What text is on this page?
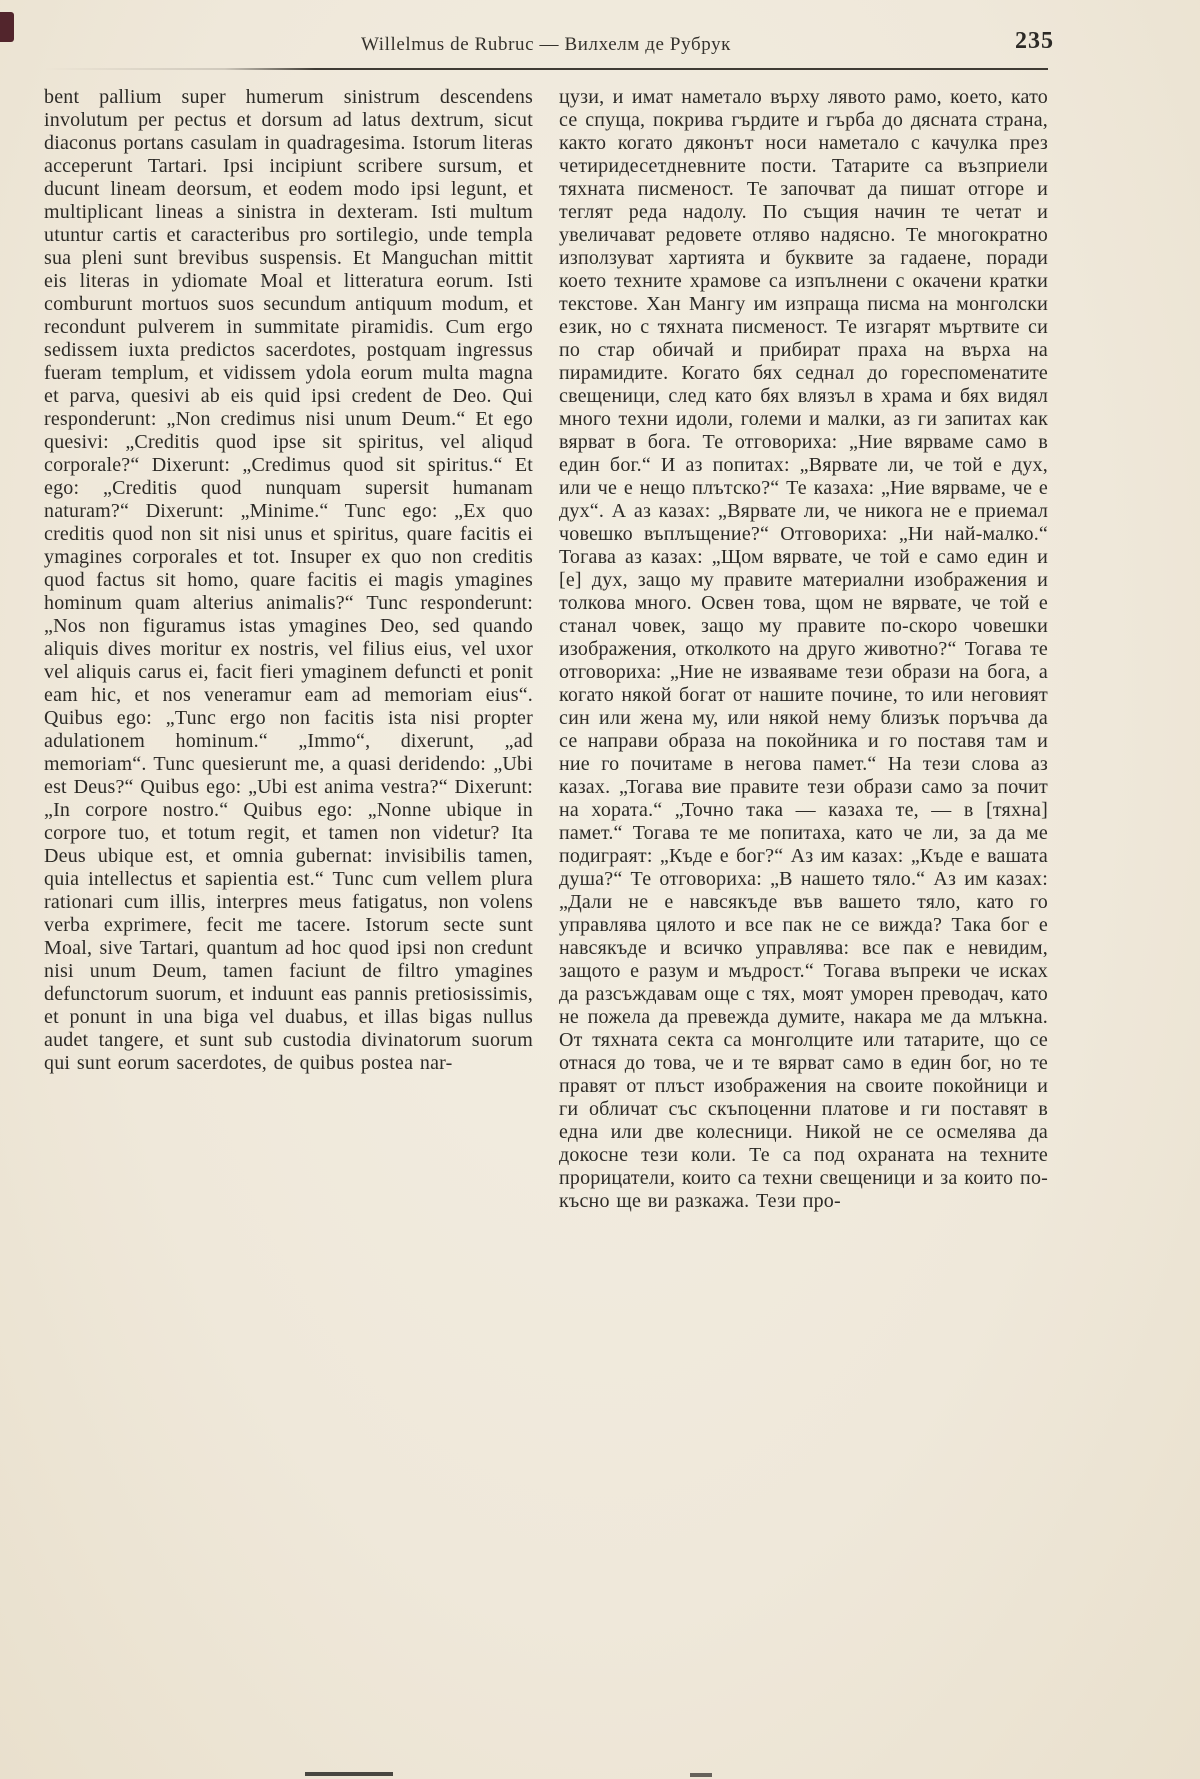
Willelmus de Rubruc — Вилхелм де Рубрук	235
bent pallium super humerum sinistrum descendens involutum per pectus et dorsum ad latus dextrum, sicut diaconus portans casulam in quadragesima. Istorum literas acceperunt Tartari. Ipsi incipiunt scribere sursum, et ducunt lineam deorsum, et eodem modo ipsi legunt, et multiplicant lineas a sinistra in dexteram. Isti multum utuntur cartis et caracteribus pro sortilegio, unde templa sua pleni sunt brevibus suspensis. Et Manguchan mittit eis literas in ydiomate Moal et litteratura eorum. Isti comburunt mortuos suos secundum antiquum modum, et recondunt pulverem in summitate piramidis. Cum ergo sedissem iuxta predictos sacerdotes, postquam ingressus fueram templum, et vidissem ydola eorum multa magna et parva, quesivi ab eis quid ipsi credent de Deo. Qui responderunt: „Non credimus nisi unum Deum.“ Et ego quesivi: „Creditis quod ipse sit spiritus, vel aliqud corporale?“ Dixerunt: „Credimus quod sit spiritus.“ Et ego: „Creditis quod nunquam supersit humanam naturam?“ Dixerunt: „Minime.“ Tunc ego: „Ex quo creditis quod non sit nisi unus et spiritus, quare facitis ei ymagines corporales et tot. Insuper ex quo non creditis quod factus sit homo, quare facitis ei magis ymagines hominum quam alterius animalis?“ Tunc responderunt: „Nos non figuramus istas ymagines Deo, sed quando aliquis dives moritur ex nostris, vel filius eius, vel uxor vel aliquis carus ei, facit fieri ymaginem defuncti et ponit eam hic, et nos veneramur eam ad memoriam eius“. Quibus ego: „Tunc ergo non facitis ista nisi propter adulationem hominum.“ „Immo“, dixerunt, „ad memoriam“. Tunc quesierunt me, a quasi deridendo: „Ubi est Deus?“ Quibus ego: „Ubi est anima vestra?“ Dixerunt: „In corpore nostro.“ Quibus ego: „Nonne ubique in corpore tuo, et totum regit, et tamen non videtur? Ita Deus ubique est, et omnia gubernat: invisibilis tamen, quia intellectus et sapientia est.“ Tunc cum vellem plura rationari cum illis, interpres meus fatigatus, non volens verba exprimere, fecit me tacere. Istorum secte sunt Moal, sive Tartari, quantum ad hoc quod ipsi non credunt nisi unum Deum, tamen faciunt de filtro ymagines defunctorum suorum, et induunt eas pannis pretiosissimis, et ponunt in una biga vel duabus, et illas bigas nullus audet tangere, et sunt sub custodia divinatorum suorum qui sunt eorum sacerdotes, de quibus postea nar-
цузи, и имат наметало върху лявото рамо, което, като се спуща, покрива гърдите и гърба до дясната страна, както когато дяконът носи наметало с качулка през четиридесетдневните пости. Татарите са възприели тяхната писменост. Те започват да пишат отгоре и теглят реда надолу. По същия начин те четат и увеличават редовете отляво надясно. Те многократно използуват хартията и буквите за гадаене, поради което техните храмове са изпълнени с окачени кратки текстове. Хан Мангу им изпраща писма на монголски език, но с тяхната писменост. Те изгарят мъртвите си по стар обичай и прибират праха на върха на пирамидите. Когато бях седнал до гореспоменатите свещеници, след като бях влязъл в храма и бях видял много техни идоли, големи и малки, аз ги запитах как вярват в бога. Те отговориха: „Ние вярваме само в един бог.“ И аз попитах: „Вярвате ли, че той е дух, или че е нещо плътско?“ Те казаха: „Ние вярваме, че е дух“. А аз казах: „Вярвате ли, че никога не е приемал човешко въплъщение?“ Отговориха: „Ни най-малко.“ Тогава аз казах: „Щом вярвате, че той е само един и [е] дух, защо му правите материални изображения и толкова много. Освен това, щом не вярвате, че той е станал човек, защо му правите по-скоро човешки изображения, отколкото на друго животно?“ Тогава те отговориха: „Ние не изваяваме тези образи на бога, а когато някой богат от нашите почине, то или неговият син или жена му, или някой нему близък поръчва да се направи образа на покойника и го поставя там и ние го почитаме в негова памет.“ На тези слова аз казах. „Тогава вие правите тези образи само за почит на хората.“ „Точно така — казаха те, — в [тяхна] памет.“ Тогава те ме попитаха, като че ли, за да ме подиграят: „Къде е бог?“ Аз им казах: „Къде е вашата душа?“ Те отговориха: „В нашето тяло.“ Аз им казах: „Дали не е навсякъде във вашето тяло, като го управлява цялото и все пак не се вижда? Така бог е навсякъде и всичко управлява: все пак е невидим, защото е разум и мъдрост.“ Тогава въпреки че исках да разсъждавам още с тях, моят уморен преводач, като не пожела да превежда думите, накара ме да млъкна. От тяхната секта са монголците или татарите, що се отнася до това, че и те вярват само в един бог, но те правят от плъст изображения на своите покойници и ги обличат със скъпоценни платове и ги поставят в една или две колесници. Никой не се осмелява да докосне тези коли. Те са под охраната на техните прорицатели, които са техни свещеници и за които по-късно ще ви разкажа. Тези про-
